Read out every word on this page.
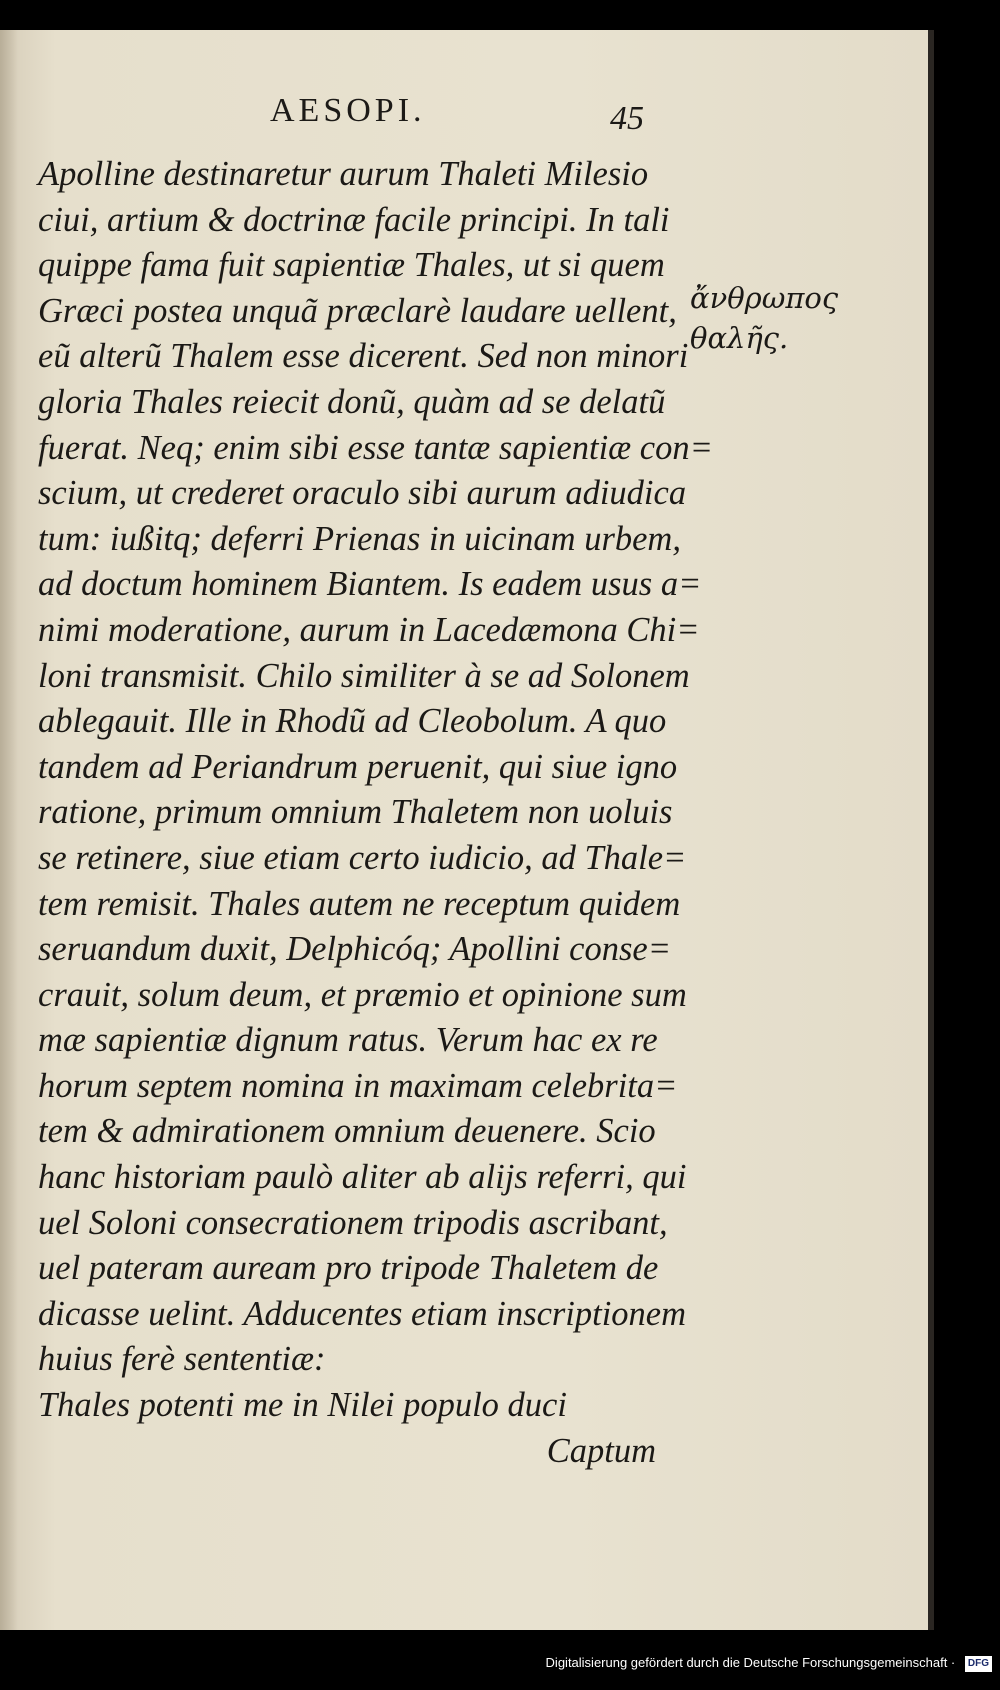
AESOPI.	45
Apolline destinaretur aurum Thaleti Milesio
ciui, artium & doctrinæ facile principi. In tali
quippe fama fuit sapientiæ Thales, ut si quem
Græci postea unquã præclarè laudare uellent,
eũ alterũ Thalem esse dicerent. Sed non minori
gloria Thales reiecit donũ, quàm ad se delatũ
fuerat. Neq; enim sibi esse tantæ sapientiæ con=
scium, ut crederet oraculo sibi aurum adiudica
tum: iußitq; deferri Prienas in uicinam urbem,
ad doctum hominem Biantem. Is eadem usus a=
nimi moderatione, aurum in Lacedæmona Chi=
loni transmisit. Chilo similiter à se ad Solonem
ablegauit. Ille in Rhodũ ad Cleobolum. A quo
tandem ad Periandrum peruenit, qui siue igno
ratione, primum omnium Thaletem non uoluis
se retinere, siue etiam certo iudicio, ad Thale=
tem remisit. Thales autem ne receptum quidem
seruandum duxit, Delphicóq; Apollini conse=
crauit, solum deum, et præmio et opinione sum
mæ sapientiæ dignum ratus. Verum hac ex re
horum septem nomina in maximam celebrita=
tem & admirationem omnium deuenere. Scio
hanc historiam paulò aliter ab alijs referri, qui
uel Soloni consecrationem tripodis ascribant,
uel pateram auream pro tripode Thaletem de
dicasse uelint. Adducentes etiam inscriptionem
huius ferè sententiæ:
Thales potenti me in Nilei populo duci
Captum
ἄνθρωπος
θαλῆς.
Digitalisierung gefördert durch die Deutsche Forschungsgemeinschaft · DFG
